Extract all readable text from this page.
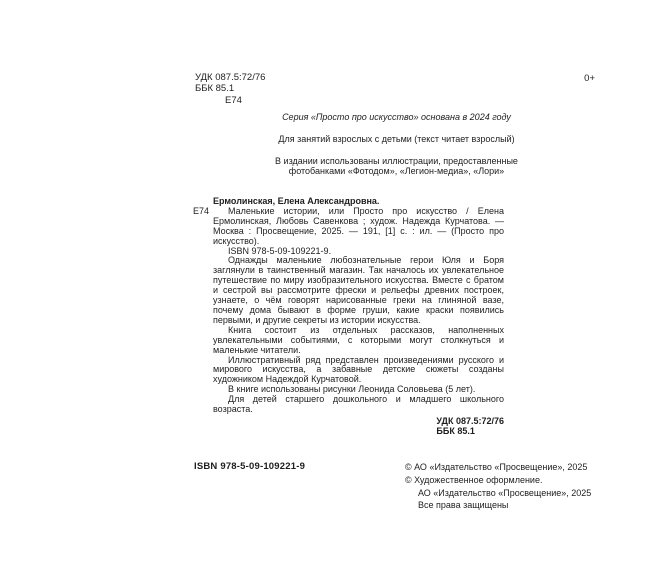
УДК 087.5:72/76
ББК 85.1
Е74
0+
Серия «Просто про искусство» основана в 2024 году
Для занятий взрослых с детьми (текст читает взрослый)
В издании использованы иллюстрации, предоставленные
фотобанками «Фотодом», «Легион-медиа», «Лори»
Ермолинская, Елена Александровна.
Е74	Маленькие истории, или Просто про искусство / Елена Ермолинская, Любовь Савенкова ; худож. Надежда Курчатова. — Москва : Просвещение, 2025. — 191, [1] с. : ил. — (Просто про искусство).

ISBN 978-5-09-109221-9.

Однажды маленькие любознательные герои Юля и Боря заглянули в таинственный магазин. Так началось их увлекательное путешествие по миру изобразительного искусства. Вместе с братом и сестрой вы рассмотрите фрески и рельефы древних построек, узнаете, о чём говорят нарисованные греки на глиняной вазе, почему дома бывают в форме груши, какие краски появились первыми, и другие секреты из истории искусства.

Книга состоит из отдельных рассказов, наполненных увлекательными событиями, с которыми могут столкнуться и маленькие читатели.

Иллюстративный ряд представлен произведениями русского и мирового искусства, а забавные детские сюжеты созданы художником Надеждой Курчатовой.

В книге использованы рисунки Леонида Соловьева (5 лет).

Для детей старшего дошкольного и младшего школьного возраста.

УДК 087.5:72/76
ББК 85.1
ISBN 978-5-09-109221-9	© АО «Издательство «Просвещение», 2025
© Художественное оформление.
АО «Издательство «Просвещение», 2025
Все права защищены
